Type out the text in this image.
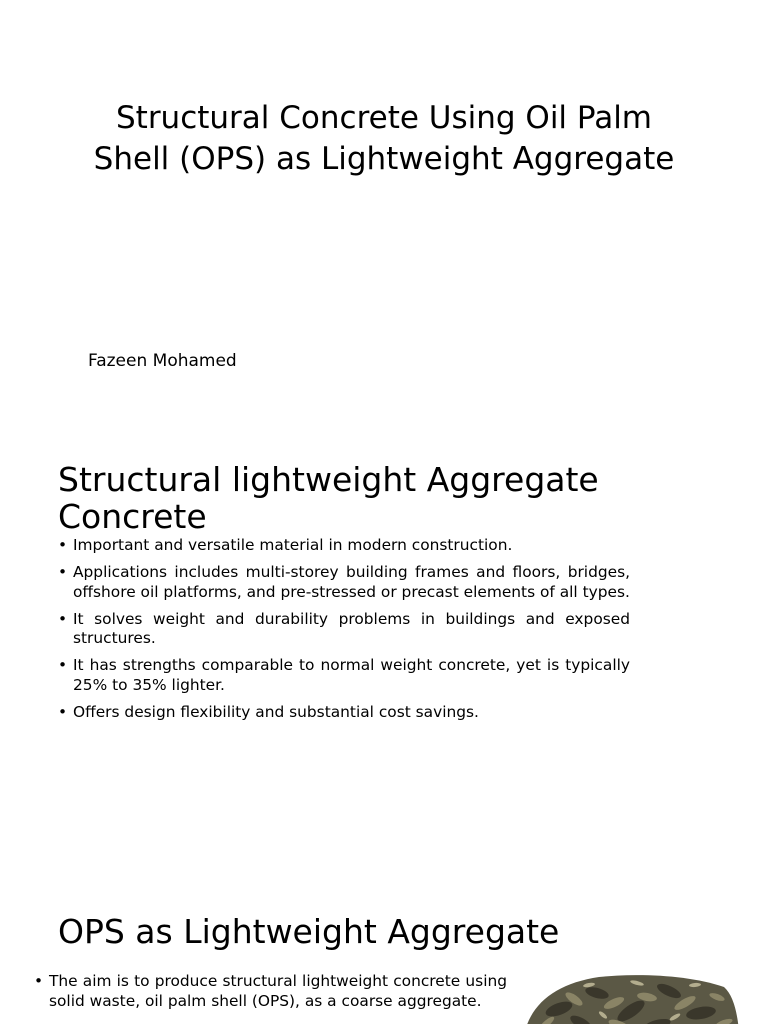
Structural Concrete Using Oil Palm Shell (OPS) as Lightweight Aggregate
Fazeen Mohamed
Structural lightweight Aggregate Concrete
• Important and versatile material in modern construction.
• Applications includes multi-storey building frames and floors, bridges, offshore oil platforms, and pre-stressed or precast elements of all types.
• It solves weight and durability problems in buildings and exposed structures.
• It has strengths comparable to normal weight concrete, yet is typically 25% to 35% lighter.
• Offers design flexibility and substantial cost savings.
OPS as Lightweight Aggregate
• The aim is to produce structural lightweight concrete using solid waste, oil palm shell (OPS), as a coarse aggregate.
